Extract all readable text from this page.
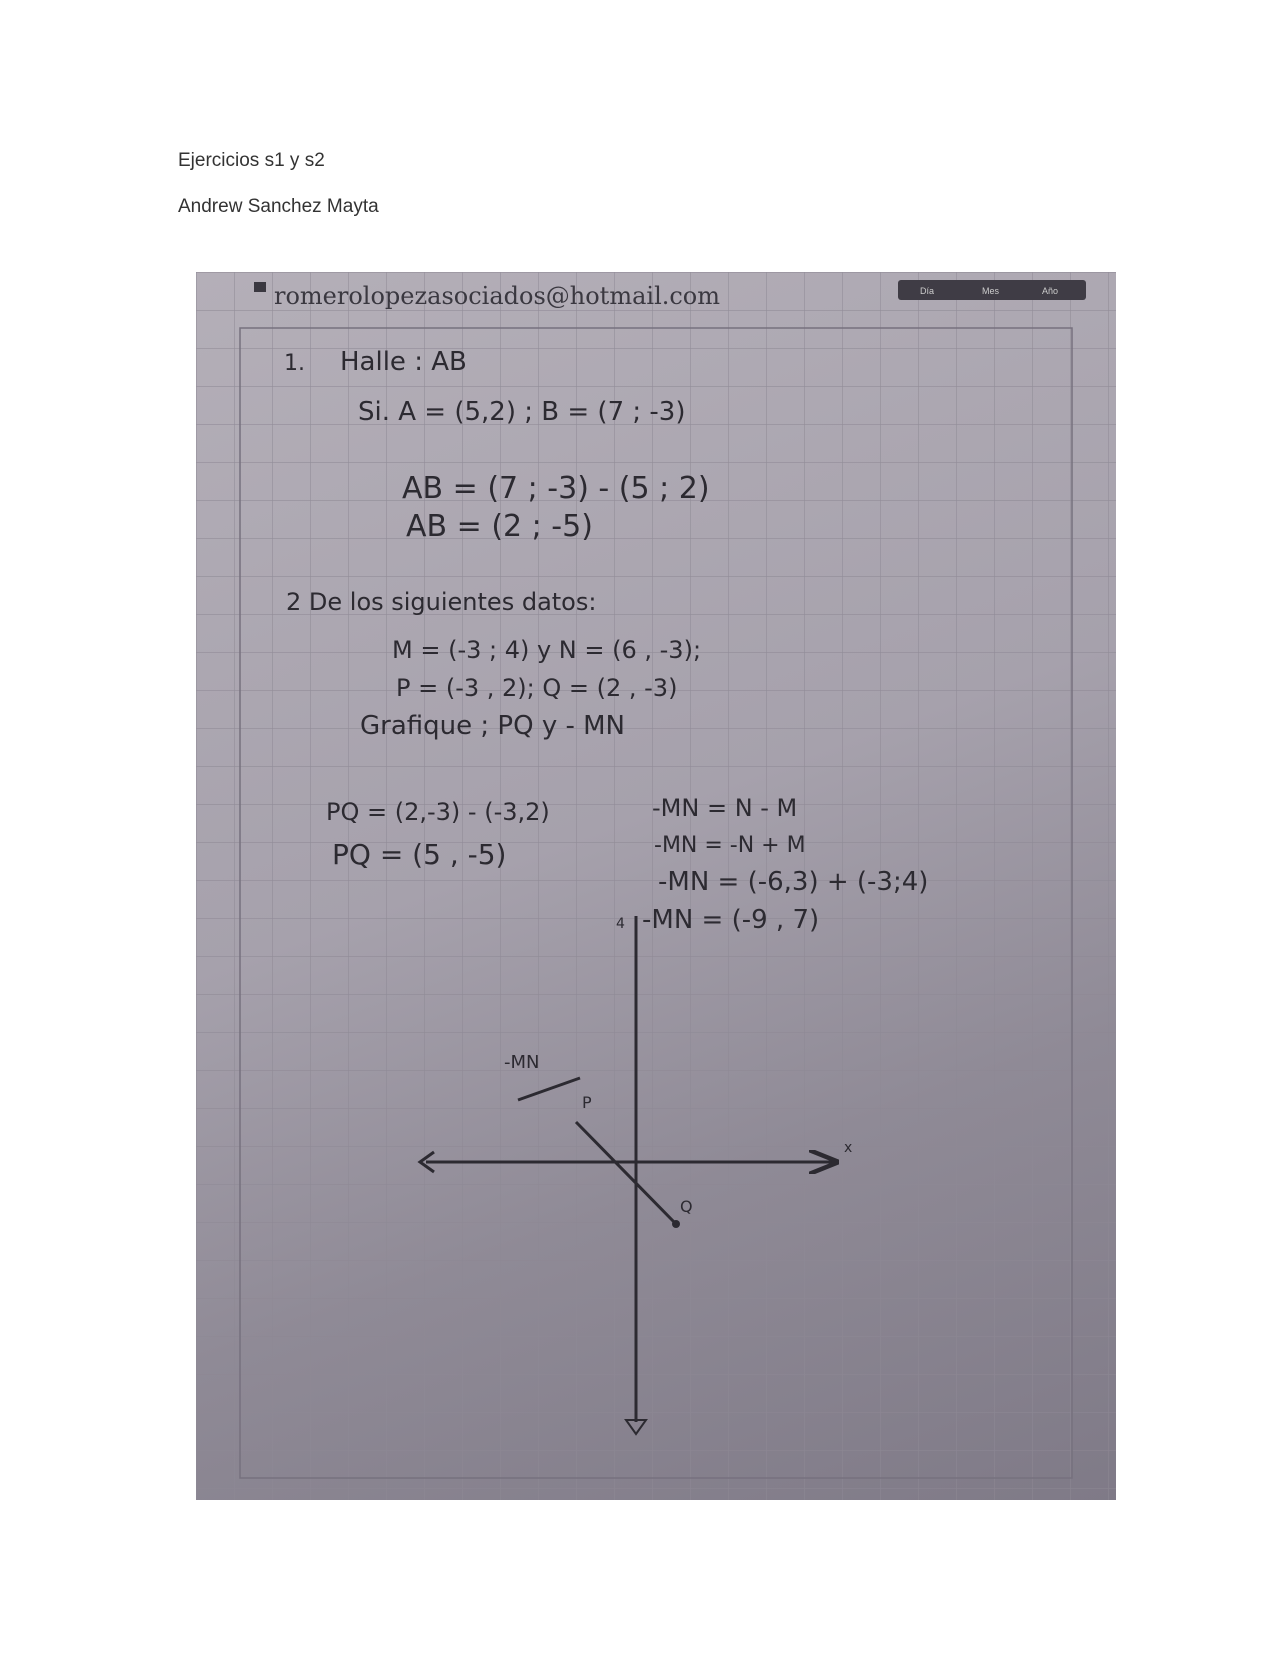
Ejercicios s1 y s2
Andrew Sanchez Mayta
romerolopezasociados@hotmail.com	Día	Mes	Año
1. Halle : AB
Si. A = (5,2) ; B = (7 ; -3)
AB = (7 ; -3) - (5 ; 2)
AB = (2 ; -5)
2 De los siguientes datos:
M = (-3 ; 4) y N = (6 , -3);
P = (-3 , 2); Q = (2 , -3)
Grafique ; PQ y - MN
PQ = (2,-3) - (-3,2)
PQ = (5 , -5)
-MN = N - M
-MN = -N + M
-MN = (-6,3) + (-3;4)
-MN = (-9 , 7)
4
x
-MN
P
Q
